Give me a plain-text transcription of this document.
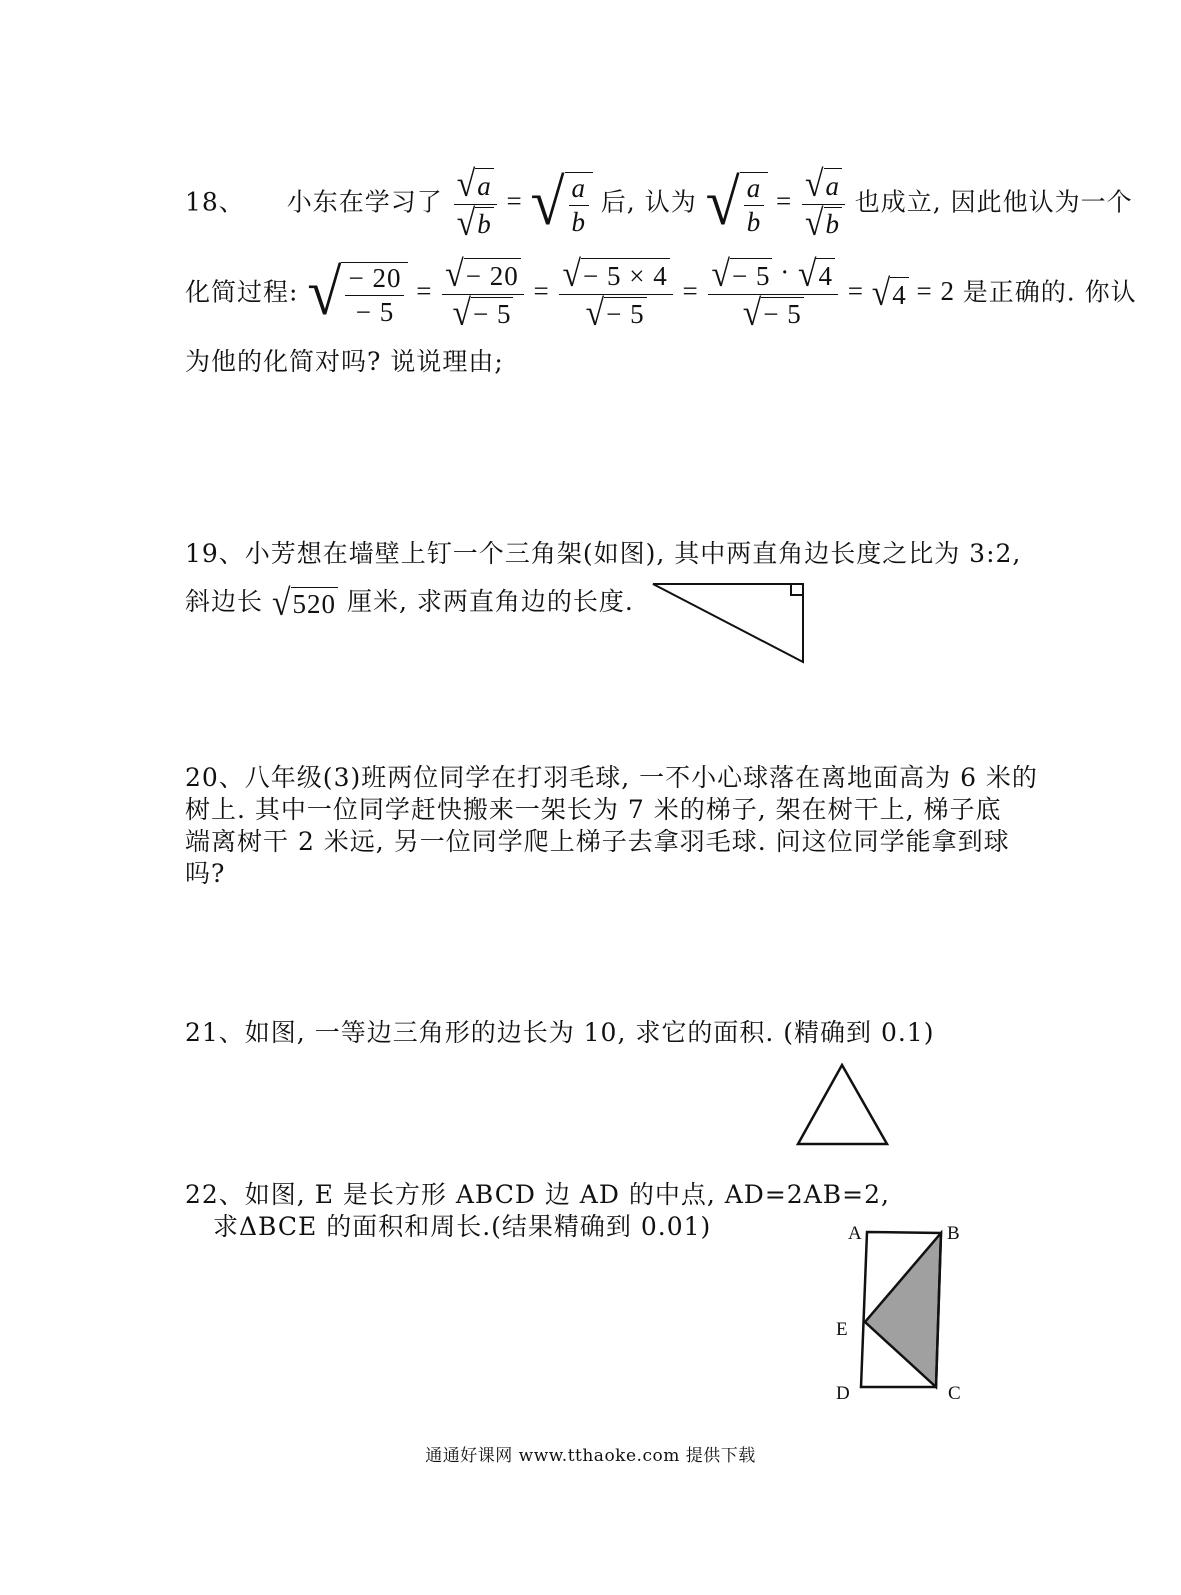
18、 小东在学习了 $\frac{√ a}{√ b}$ = √ $\frac{a}{b}$ 后, 认为 √ $\frac{a}{b} = \frac{√ a}{√ b}$ 也成立, 因此他认为一个
化简过程: √ $\frac{- 20}{- 5} = \frac{√ - 20}{√ - 5} = \frac{√ - 5 \times 4}{√ - 5} = \frac{√ - 5 \cdot √ 4}{√ - 5}$ = √ 4 = 2 是正确的. 你认
为他的化简对吗? 说说理由;
19、小芳想在墙壁上钉一个三角架(如图), 其中两直角边长度之比为 3:2,
斜边长 √ 520 厘米, 求两直角边的长度.
20、八年级(3)班两位同学在打羽毛球, 一不小心球落在离地面高为 6 米的
树上. 其中一位同学赶快搬来一架长为 7 米的梯子, 架在树干上, 梯子底
端离树干 2 米远, 另一位同学爬上梯子去拿羽毛球. 问这位同学能拿到球
吗?
21、如图, 一等边三角形的边长为 10, 求它的面积. (精确到 0.1)
22、如图, E 是长方形 ABCD 边 AD 的中点, AD=2AB=2,
求ΔBCE 的面积和周长.(结果精确到 0.01)	A	B
E
D	C
通通好课网 www.tthaoke.com 提供下载
